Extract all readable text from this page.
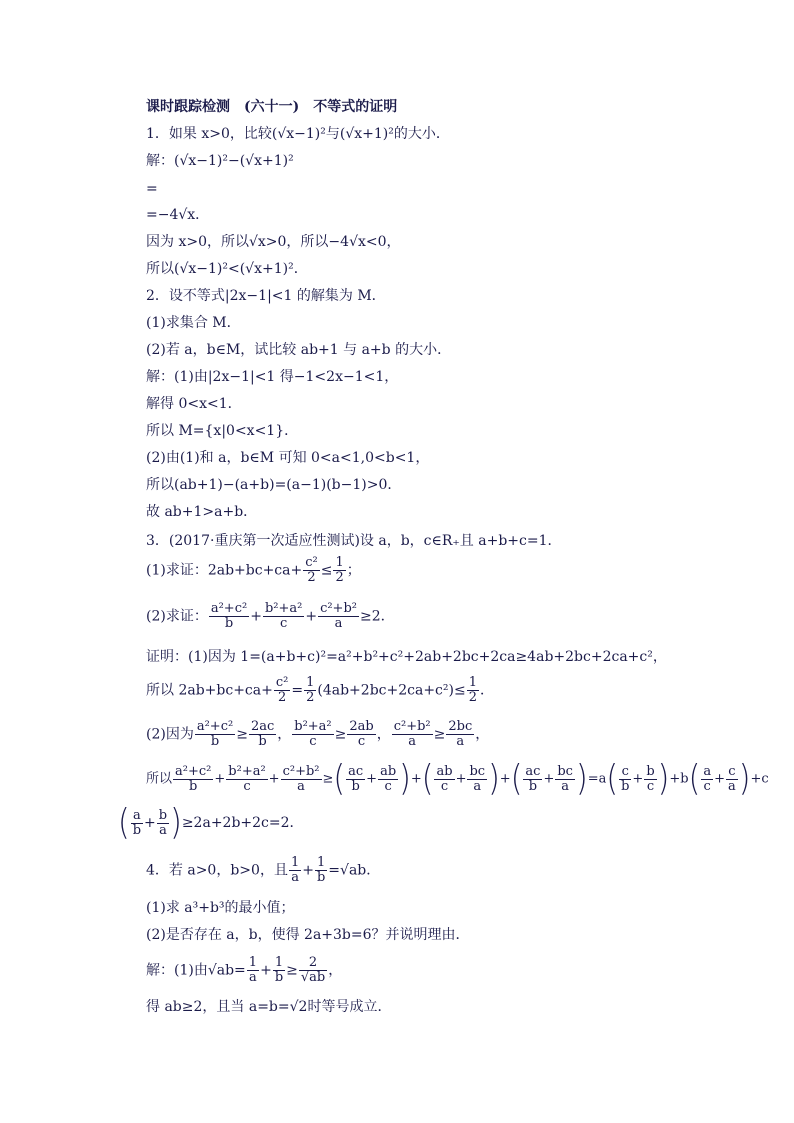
课时跟踪检测　(六十一)　不等式的证明
1．如果 x>0，比较(√x−1)²与(√x+1)²的大小．
解：(√x−1)²−(√x+1)²
=
=−4√x．
因为 x>0，所以√x>0，所以−4√x<0，
所以(√x−1)²<(√x+1)²．
2．设不等式|2x−1|<1 的解集为 M．
(1)求集合 M．
(2)若 a，b∈M，试比较 ab+1 与 a+b 的大小．
解：(1)由|2x−1|<1 得−1<2x−1<1，
解得 0<x<1．
所以 M={x|0<x<1}．
(2)由(1)和 a，b∈M 可知 0<a<1,0<b<1，
所以(ab+1)−(a+b)=(a−1)(b−1)>0．
故 ab+1>a+b．
3．(2017·重庆第一次适应性测试)设 a，b，c∈R₊且 a+b+c=1．
(1)求证：$2ab+bc+ca+ \frac{\text{c²}}{2} \le \frac{1}{2}$ ；
(2)求证： $\frac{\text{a²+c²}}{b} + \frac{\text{b²+a²}}{c} + \frac{\text{c²+b²}}{a} \ge 2$．
证明：(1)因为 1=(a+b+c)²=a²+b²+c²+2ab+2bc+2ca≥4ab+2bc+2ca+c²，
所以 $2ab+bc+ca+ \frac{\text{c²}}{2} = \frac{1}{2} (4ab+2bc+2ca+c^2)\le \frac{1}{2}$ ．
(2)因为 $\frac{\text{a²+c²}}{b} \ge \frac{2ac}{b}$ ， $\frac{\text{b²+a²}}{c} \ge \frac{2ab}{c}$ ， $\frac{\text{c²+b²}}{a} \ge \frac{2bc}{a}$ ，
所以 $\frac{\text{a²+c²}}{b} + \frac{\text{b²+a²}}{c} + \frac{\text{c²+b²}}{a}$ ≥( $\frac{ac}{b} + \frac{ab}{c}$ )+( $\frac{ab}{c} + \frac{bc}{a}$ )+( $\frac{ac}{b} + \frac{bc}{a} )=a( \frac{c}{b} + \frac{b}{c} )+b( \frac{a}{c} + \frac{c}{a} )+c$
( $\frac{a}{b} + \frac{b}{a} )\ge 2a+2b+2c=2$．
4．若 a>0，b>0，且 $\frac{1}{a} + \frac{1}{b} =√ab$．
(1)求 a³+b³的最小值；
(2)是否存在 a，b，使得 2a+3b=6？并说明理由．
解：(1)由$√ab= \frac{1}{a} + \frac{1}{b} \ge \frac{2}{√ab}$ ，
得 ab≥2，且当 a=b=√2时等号成立．
